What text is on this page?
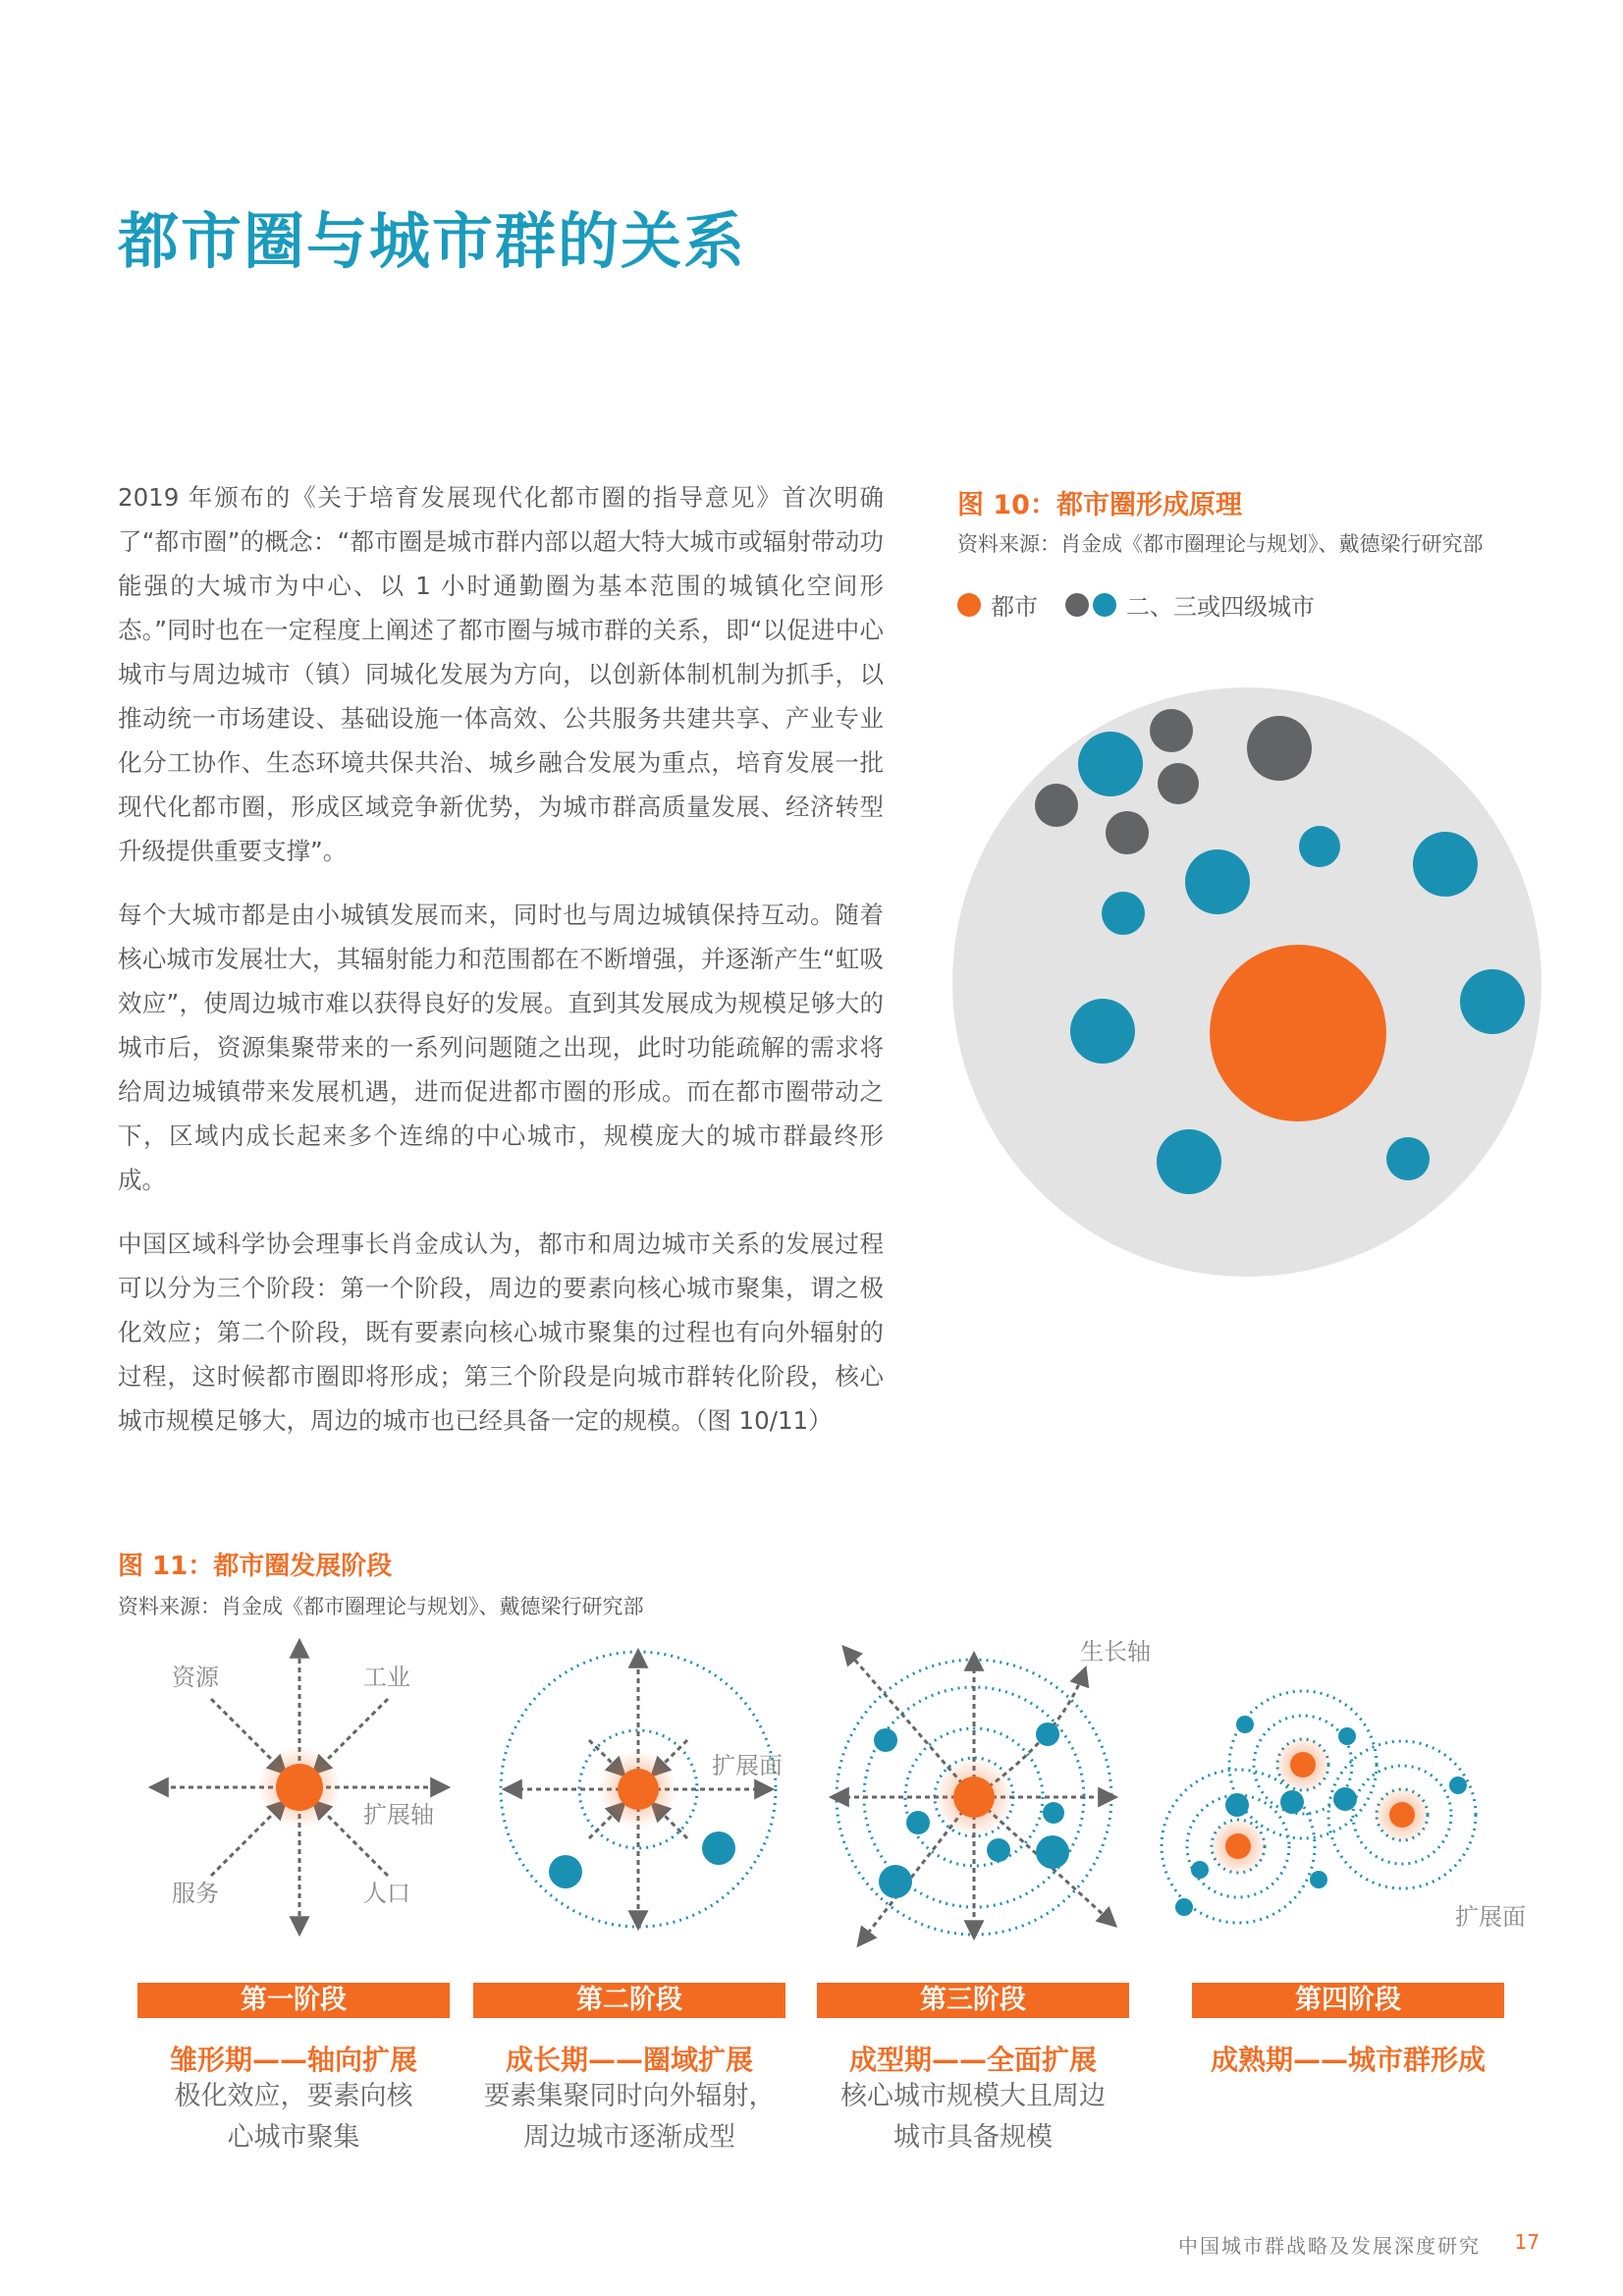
都市圈与城市群的关系

2019 年颁布的《关于培育发展现代化都市圈的指导意见》首次明确了“都市圈”的概念：“都市圈是城市群内部以超大特大城市或辐射带动功能强的大城市为中心、以 1 小时通勤圈为基本范围的城镇化空间形态。”同时也在一定程度上阐述了都市圈与城市群的关系，即“以促进中心城市与周边城市（镇）同城化发展为方向，以创新体制机制为抓手，以推动统一市场建设、基础设施一体高效、公共服务共建共享、产业专业化分工协作、生态环境共保共治、城乡融合发展为重点，培育发展一批现代化都市圈，形成区域竞争新优势，为城市群高质量发展、经济转型升级提供重要支撑”。

每个大城市都是由小城镇发展而来，同时也与周边城镇保持互动。随着核心城市发展壮大，其辐射能力和范围都在不断增强，并逐渐产生“虹吸效应”，使周边城市难以获得良好的发展。直到其发展成为规模足够大的城市后，资源集聚带来的一系列问题随之出现，此时功能疏解的需求将给周边城镇带来发展机遇，进而促进都市圈的形成。而在都市圈带动之下，区域内成长起来多个连绵的中心城市，规模庞大的城市群最终形成。

中国区域科学协会理事长肖金成认为，都市和周边城市关系的发展过程可以分为三个阶段：第一个阶段，周边的要素向核心城市聚集，谓之极化效应；第二个阶段，既有要素向核心城市聚集的过程也有向外辐射的过程，这时候都市圈即将形成；第三个阶段是向城市群转化阶段，核心城市规模足够大，周边的城市也已经具备一定的规模。（图 10/11）

图 10：都市圈形成原理
资料来源：肖金成《都市圈理论与规划》、戴德梁行研究部
都市	二、三或四级城市
图 11：都市圈发展阶段
资料来源：肖金成《都市圈理论与规划》、戴德梁行研究部
资源	工业
扩展轴
服务	人口
扩展面
生长轴
扩展面
第一阶段	第二阶段	第三阶段	第四阶段
雏形期——轴向扩展	成长期——圈域扩展	成型期——全面扩展	成熟期——城市群形成
极化效应，要素向核
心城市聚集
要素集聚同时向外辐射，
周边城市逐渐成型
核心城市规模大且周边
城市具备规模
中国城市群战略及发展深度研究 17
